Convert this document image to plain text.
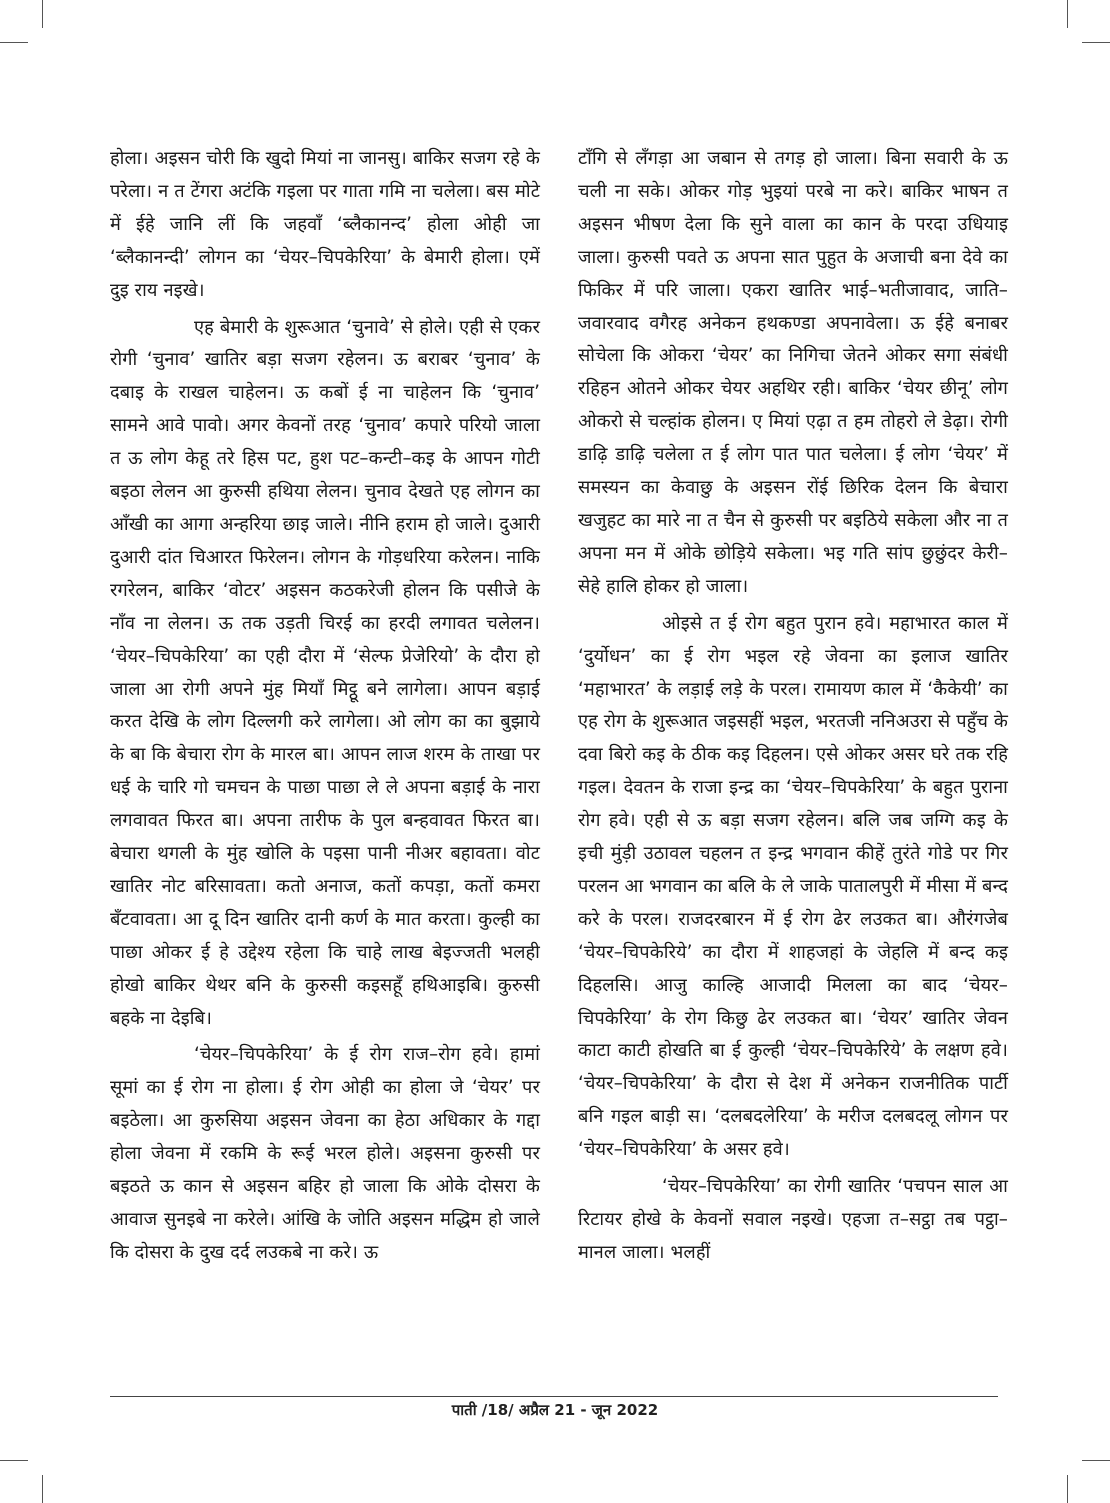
होला। अइसन चोरी कि खुदो मियां ना जानसु। बाकिर सजग रहे के परेला। न त टेंगरा अटंकि गइला पर गाता गमि ना चलेला। बस मोटे में ईहे जानि लीं कि जहवाँ ‘ब्लैकानन्द’ होला ओही जा ‘ब्लैकानन्दी’ लोगन का ‘चेयर–चिपकेरिया’ के बेमारी होला। एमें दुइ राय नइखे।

एह बेमारी के शुरूआत ‘चुनावे’ से होले। एही से एकर रोगी ‘चुनाव’ खातिर बड़ा सजग रहेलन। ऊ बराबर ‘चुनाव’ के दबाइ के राखल चाहेलन। ऊ कबों ई ना चाहेलन कि ‘चुनाव’ सामने आवे पावो। अगर केवनों तरह ‘चुनाव’ कपारे परियो जाला त ऊ लोग केहू तरे हिस पट, हुश पट–कन्टी–कइ के आपन गोटी बइठा लेलन आ कुरुसी हथिया लेलन। चुनाव देखते एह लोगन का आँखी का आगा अन्हरिया छाइ जाले। नीनि हराम हो जाले। दुआरी दुआरी दांत चिआरत फिरेलन। लोगन के गोड़धरिया करेलन। नाकि रगरेलन, बाकिर ‘वोटर’ अइसन कठकरेजी होलन कि पसीजे के नाँव ना लेलन। ऊ तक उड़ती चिरई का हरदी लगावत चलेलन। ‘चेयर–चिपकेरिया’ का एही दौरा में ‘सेल्फ प्रेजेरियो’ के दौरा हो जाला आ रोगी अपने मुंह मियाँ मिट्ठू बने लागेला। आपन बड़ाई करत देखि के लोग दिल्लगी करे लागेला। ओ लोग का का बुझाये के बा कि बेचारा रोग के मारल बा। आपन लाज शरम के ताखा पर धई के चारि गो चमचन के पाछा पाछा ले ले अपना बड़ाई के नारा लगवावत फिरत बा। अपना तारीफ के पुल बन्हवावत फिरत बा। बेचारा थगली के मुंह खोलि के पइसा पानी नीअर बहावता। वोट खातिर नोट बरिसावता। कतो अनाज, कतों कपड़ा, कतों कमरा बँटवावता। आ दू दिन खातिर दानी कर्ण के मात करता। कुल्ही का पाछा ओकर ई हे उद्देश्य रहेला कि चाहे लाख बेइज्जती भलही होखो बाकिर थेथर बनि के कुरुसी कइसहूँ हथिआइबि। कुरुसी बहके ना देइबि।

‘चेयर–चिपकेरिया’ के ई रोग राज–रोग हवे। हामां सूमां का ई रोग ना होला। ई रोग ओही का होला जे ‘चेयर’ पर बइठेला। आ कुरुसिया अइसन जेवना का हेठा अधिकार के गद्दा होला जेवना में रकमि के रूई भरल होले। अइसना कुरुसी पर बइठते ऊ कान से अइसन बहिर हो जाला कि ओके दोसरा के आवाज सुनइबे ना करेले। आंखि के जोति अइसन मद्धिम हो जाले कि दोसरा के दुख दर्द लउकबे ना करे। ऊ

टाँगि से लँगड़ा आ जबान से तगड़ हो जाला। बिना सवारी के ऊ चली ना सके। ओकर गोड़ भुइयां परबे ना करे। बाकिर भाषन त अइसन भीषण देला कि सुने वाला का कान के परदा उधियाइ जाला। कुरुसी पवते ऊ अपना सात पुहुत के अजाची बना देवे का फिकिर में परि जाला। एकरा खातिर भाई–भतीजावाद, जाति–जवारवाद वगैरह अनेकन हथकण्डा अपनावेला। ऊ ईहे बनाबर सोचेला कि ओकरा ‘चेयर’ का निगिचा जेतने ओकर सगा संबंधी रहिहन ओतने ओकर चेयर अहथिर रही। बाकिर ‘चेयर छीनू’ लोग ओकरो से चल्हांक होलन। ए मियां एढ़ा त हम तोहरो ले डेढ़ा। रोगी डाढ़ि डाढ़ि चलेला त ई लोग पात पात चलेला। ई लोग ‘चेयर’ में समस्यन का केवाछु के अइसन रोंई छिरिक देलन कि बेचारा खजुहट का मारे ना त चैन से कुरुसी पर बइठिये सकेला और ना त अपना मन में ओके छोड़िये सकेला। भइ गति सांप छुछुंदर केरी–सेहे हालि होकर हो जाला।

ओइसे त ई रोग बहुत पुरान हवे। महाभारत काल में ‘दुर्योधन’ का ई रोग भइल रहे जेवना का इलाज खातिर ‘महाभारत’ के लड़ाई लड़े के परल। रामायण काल में ‘कैकेयी’ का एह रोग के शुरूआत जइसहीं भइल, भरतजी ननिअउरा से पहुँच के दवा बिरो कइ के ठीक कइ दिहलन। एसे ओकर असर घरे तक रहि गइल। देवतन के राजा इन्द्र का ‘चेयर–चिपकेरिया’ के बहुत पुराना रोग हवे। एही से ऊ बड़ा सजग रहेलन। बलि जब जग्गि कइ के इची मुंड़ी उठावल चहलन त इन्द्र भगवान कीहें तुरंते गोडे पर गिर परलन आ भगवान का बलि के ले जाके पातालपुरी में मीसा में बन्द करे के परल। राजदरबारन में ई रोग ढेर लउकत बा। औरंगजेब ‘चेयर–चिपकेरिये’ का दौरा में शाहजहां के जेहलि में बन्द कइ दिहलसि। आजु काल्हि आजादी मिलला का बाद ‘चेयर–चिपकेरिया’ के रोग किछु ढेर लउकत बा। ‘चेयर’ खातिर जेवन काटा काटी होखति बा ई कुल्ही ‘चेयर–चिपकेरिये’ के लक्षण हवे। ‘चेयर–चिपकेरिया’ के दौरा से देश में अनेकन राजनीतिक पार्टी बनि गइल बाड़ी स। ‘दलबदलेरिया’ के मरीज दलबदलू लोगन पर ‘चेयर–चिपकेरिया’ के असर हवे।

‘चेयर–चिपकेरिया’ का रोगी खातिर ‘पचपन साल आ रिटायर होखे के केवनों सवाल नइखे। एहजा त–सट्ठा तब पट्ठा–मानल जाला। भलहीं

पाती /18/ अप्रैल 21 - जून 2022
